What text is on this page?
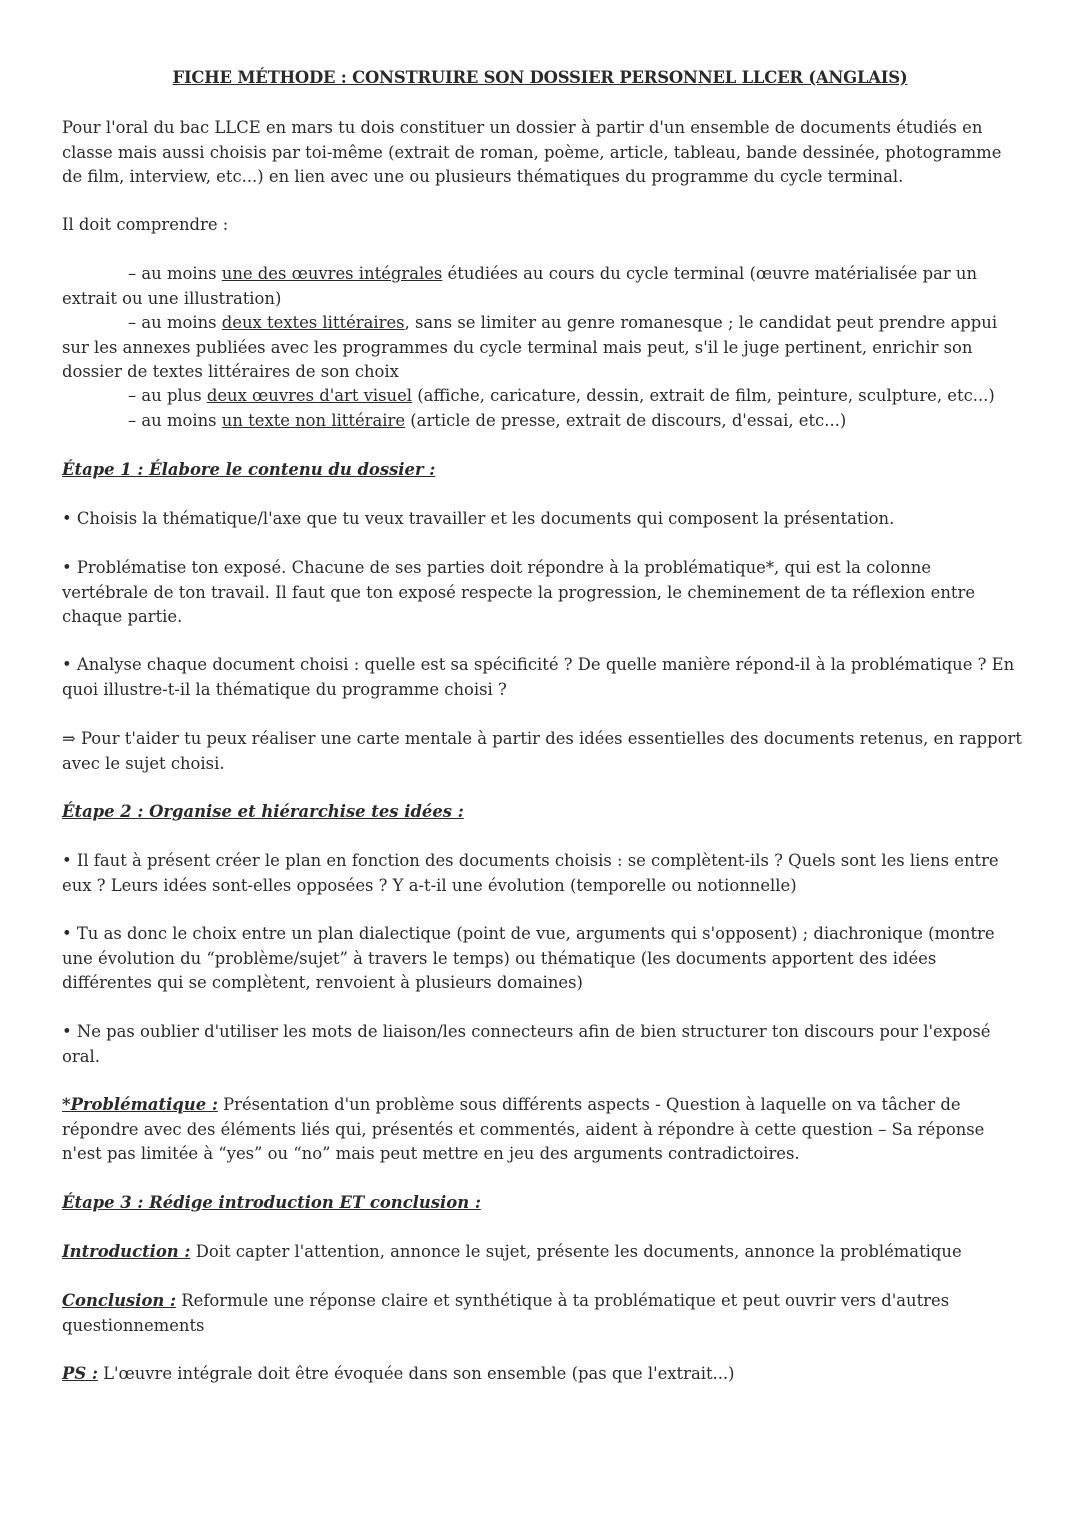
FICHE MÉTHODE : CONSTRUIRE SON DOSSIER PERSONNEL LLCER (ANGLAIS)

Pour l'oral du bac LLCE en mars tu dois constituer un dossier à partir d'un ensemble de documents étudiés en classe mais aussi choisis par toi-même (extrait de roman, poème, article, tableau, bande dessinée, photogramme de film, interview, etc...) en lien avec une ou plusieurs thématiques du programme du cycle terminal.

Il doit comprendre :

– au moins une des œuvres intégrales étudiées au cours du cycle terminal (œuvre matérialisée par un extrait ou une illustration)

– au moins deux textes littéraires, sans se limiter au genre romanesque ; le candidat peut prendre appui sur les annexes publiées avec les programmes du cycle terminal mais peut, s'il le juge pertinent, enrichir son dossier de textes littéraires de son choix

– au plus deux œuvres d'art visuel (affiche, caricature, dessin, extrait de film, peinture, sculpture, etc...)

– au moins un texte non littéraire (article de presse, extrait de discours, d'essai, etc...)

Étape 1 : Élabore le contenu du dossier :

• Choisis la thématique/l'axe que tu veux travailler et les documents qui composent la présentation.

• Problématise ton exposé. Chacune de ses parties doit répondre à la problématique*, qui est la colonne vertébrale de ton travail. Il faut que ton exposé respecte la progression, le cheminement de ta réflexion entre chaque partie.

• Analyse chaque document choisi : quelle est sa spécificité ? De quelle manière répond-il à la problématique ? En quoi illustre-t-il la thématique du programme choisi ?

⇒ Pour t'aider tu peux réaliser une carte mentale à partir des idées essentielles des documents retenus, en rapport avec le sujet choisi.

Étape 2 : Organise et hiérarchise tes idées :

• Il faut à présent créer le plan en fonction des documents choisis : se complètent-ils ? Quels sont les liens entre eux ? Leurs idées sont-elles opposées ? Y a-t-il une évolution (temporelle ou notionnelle)

• Tu as donc le choix entre un plan dialectique (point de vue, arguments qui s'opposent) ; diachronique (montre une évolution du “problème/sujet” à travers le temps) ou thématique (les documents apportent des idées différentes qui se complètent, renvoient à plusieurs domaines)

• Ne pas oublier d'utiliser les mots de liaison/les connecteurs afin de bien structurer ton discours pour l'exposé oral.

*Problématique : Présentation d'un problème sous différents aspects - Question à laquelle on va tâcher de répondre avec des éléments liés qui, présentés et commentés, aident à répondre à cette question – Sa réponse n'est pas limitée à “yes” ou “no” mais peut mettre en jeu des arguments contradictoires.

Étape 3 : Rédige introduction ET conclusion :

Introduction : Doit capter l'attention, annonce le sujet, présente les documents, annonce la problématique

Conclusion : Reformule une réponse claire et synthétique à ta problématique et peut ouvrir vers d'autres questionnements

PS : L'œuvre intégrale doit être évoquée dans son ensemble (pas que l'extrait...)
